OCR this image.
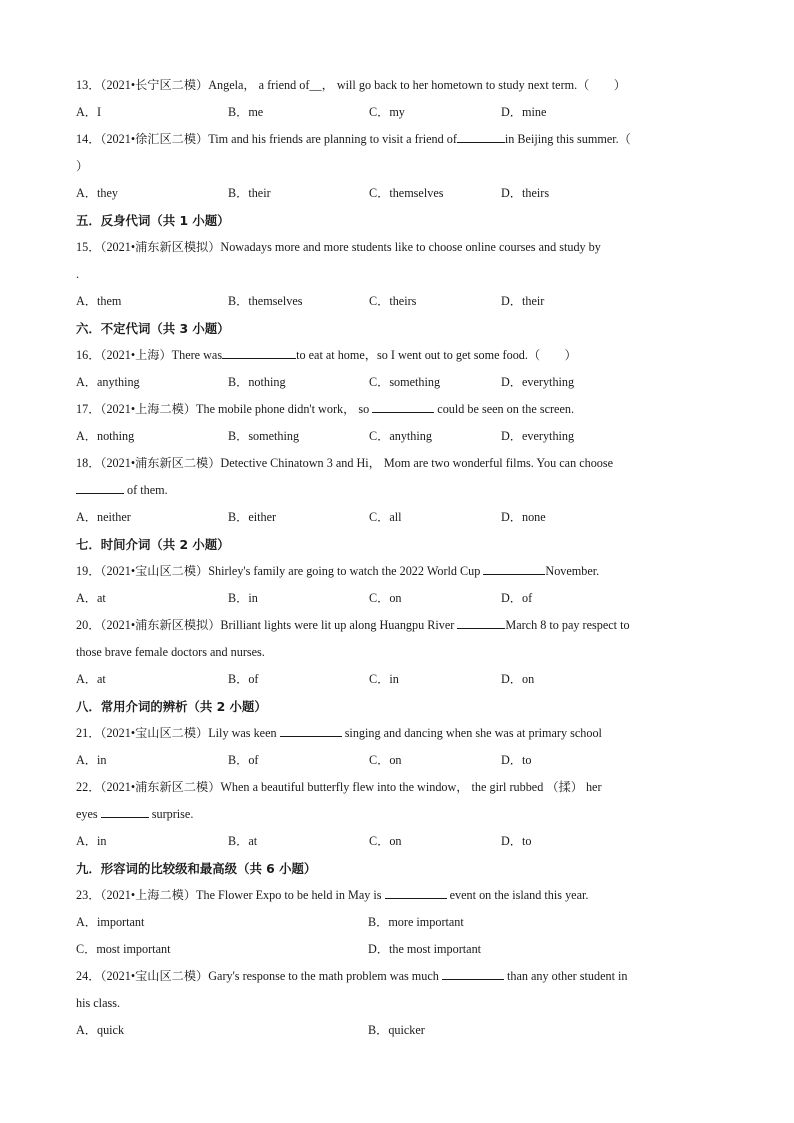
13．（2021•长宁区二模）Angela， a friend of__， will go back to her hometown to study next term.（　　）
A．I	B．me	C．my	D．mine
14．（2021•徐汇区二模）Tim and his friends are planning to visit a friend of	in Beijing this summer.（
）
A．they	B．their	C．themselves	D．theirs
五．反身代词（共 1 小题）
15．（2021•浦东新区模拟）Nowadays more and more students like to choose online courses and study by
.
A．them	B．themselves	C．theirs	D．their
六．不定代词（共 3 小题）
16．（2021•上海）There was	to eat at home，so I went out to get some food.（　　）
A．anything	B．nothing	C．something	D．everything
17．（2021•上海二模）The mobile phone didn't work， so	could be seen on the screen.
A．nothing	B．something	C．anything	D．everything
18．（2021•浦东新区二模）Detective Chinatown 3 and Hi， Mom are two wonderful films. You can choose
of them.
A．neither	B．either	C．all	D．none
七．时间介词（共 2 小题）
19．（2021•宝山区二模）Shirley's family are going to watch the 2022 World Cup	November.
A．at	B．in	C．on	D．of
20．（2021•浦东新区模拟）Brilliant lights were lit up along Huangpu River	March 8 to pay respect to
those brave female doctors and nurses.
A．at	B．of	C．in	D．on
八．常用介词的辨析（共 2 小题）
21．（2021•宝山区二模）Lily was keen	singing and dancing when she was at primary school
A．in	B．of	C．on	D．to
22．（2021•浦东新区二模）When a beautiful butterfly flew into the window， the girl rubbed （揉） her
eyes	surprise.
A．in	B．at	C．on	D．to
九．形容词的比较级和最高级（共 6 小题）
23．（2021•上海二模）The Flower Expo to be held in May is	event on the island this year.
A．important	B．more important
C．most important	D．the most important
24．（2021•宝山区二模）Gary's response to the math problem was much	than any other student in
his class.
A．quick	B．quicker
